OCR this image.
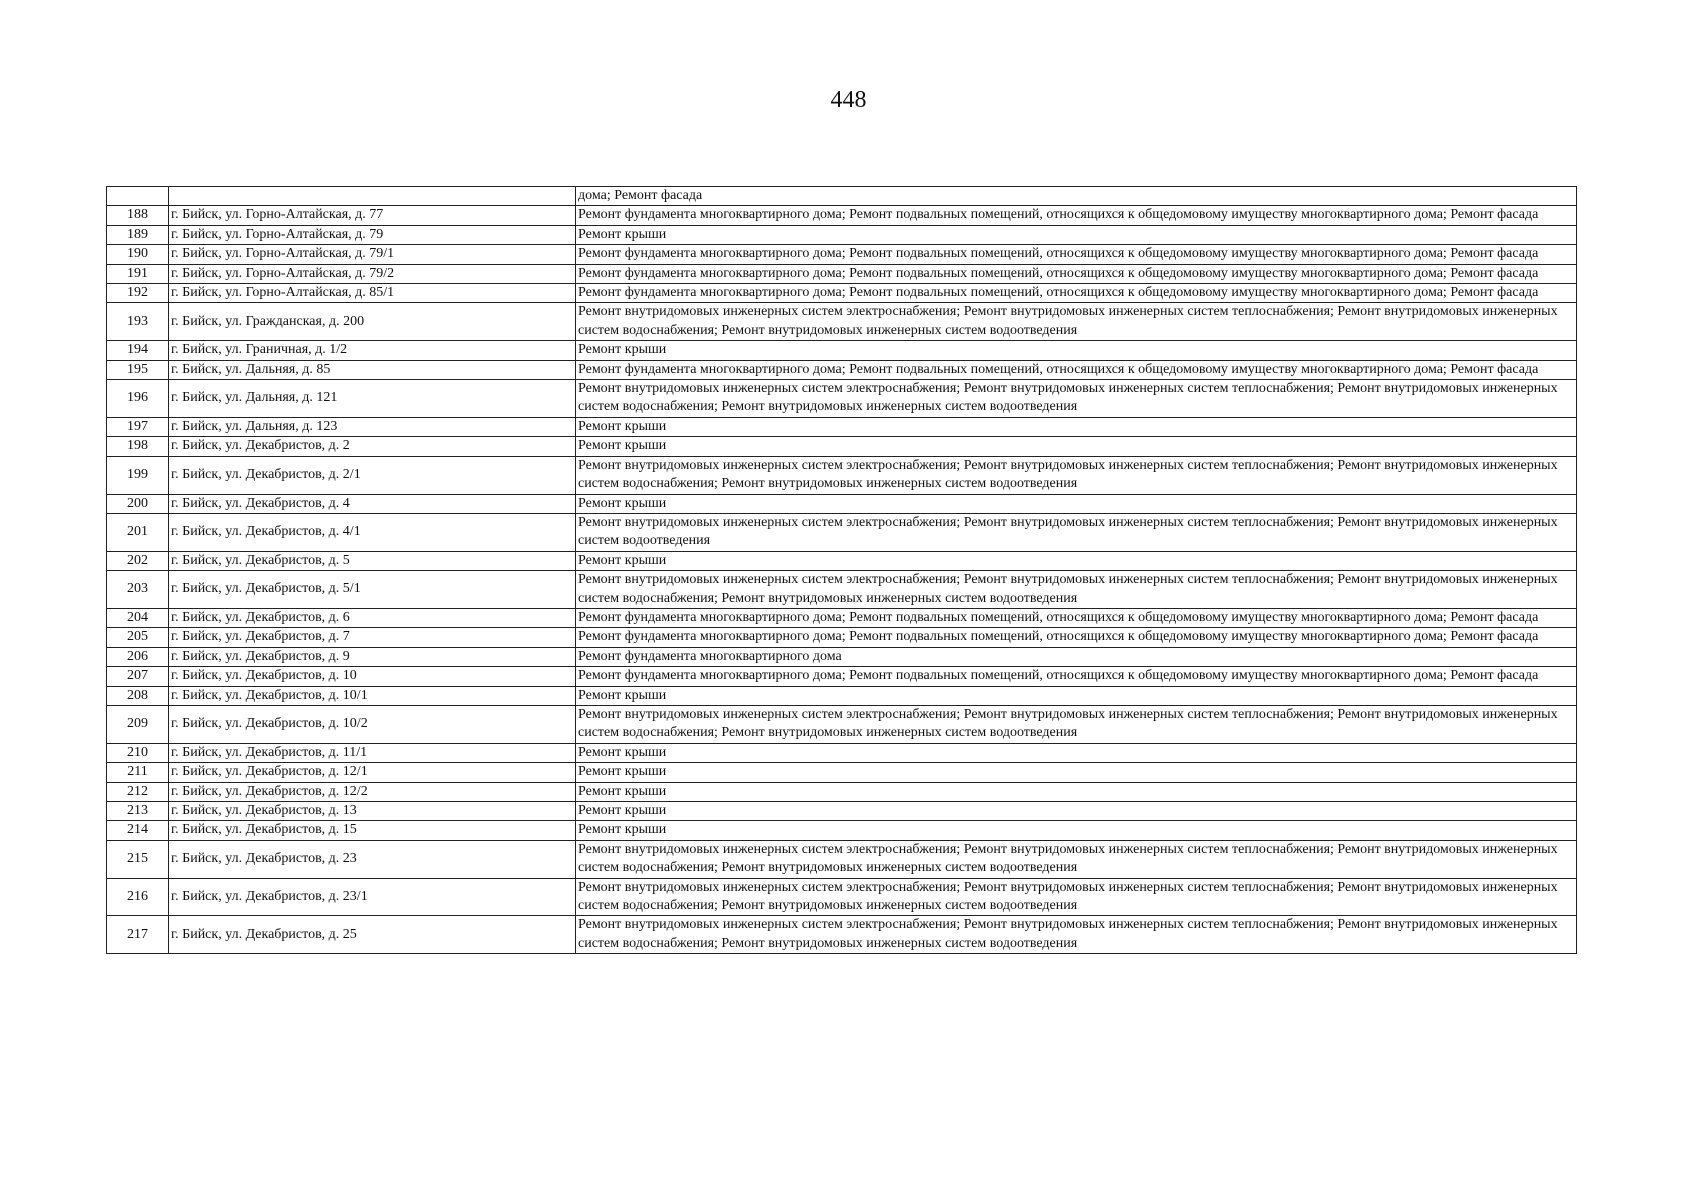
448
		дома; Ремонт фасада
188	г. Бийск, ул. Горно-Алтайская, д. 77	Ремонт фундамента многоквартирного дома; Ремонт подвальных помещений, относящихся к общедомовому имуществу многоквартирного дома; Ремонт фасада
189	г. Бийск, ул. Горно-Алтайская, д. 79	Ремонт крыши
190	г. Бийск, ул. Горно-Алтайская, д. 79/1	Ремонт фундамента многоквартирного дома; Ремонт подвальных помещений, относящихся к общедомовому имуществу многоквартирного дома; Ремонт фасада
191	г. Бийск, ул. Горно-Алтайская, д. 79/2	Ремонт фундамента многоквартирного дома; Ремонт подвальных помещений, относящихся к общедомовому имуществу многоквартирного дома; Ремонт фасада
192	г. Бийск, ул. Горно-Алтайская, д. 85/1	Ремонт фундамента многоквартирного дома; Ремонт подвальных помещений, относящихся к общедомовому имуществу многоквартирного дома; Ремонт фасада
193	г. Бийск, ул. Гражданская, д. 200	Ремонт внутридомовых инженерных систем электроснабжения; Ремонт внутридомовых инженерных систем теплоснабжения; Ремонт внутридомовых инженерных систем водоснабжения; Ремонт внутридомовых инженерных систем водоотведения
194	г. Бийск, ул. Граничная, д. 1/2	Ремонт крыши
195	г. Бийск, ул. Дальняя, д. 85	Ремонт фундамента многоквартирного дома; Ремонт подвальных помещений, относящихся к общедомовому имуществу многоквартирного дома; Ремонт фасада
196	г. Бийск, ул. Дальняя, д. 121	Ремонт внутридомовых инженерных систем электроснабжения; Ремонт внутридомовых инженерных систем теплоснабжения; Ремонт внутридомовых инженерных систем водоснабжения; Ремонт внутридомовых инженерных систем водоотведения
197	г. Бийск, ул. Дальняя, д. 123	Ремонт крыши
198	г. Бийск, ул. Декабристов, д. 2	Ремонт крыши
199	г. Бийск, ул. Декабристов, д. 2/1	Ремонт внутридомовых инженерных систем электроснабжения; Ремонт внутридомовых инженерных систем теплоснабжения; Ремонт внутридомовых инженерных систем водоснабжения; Ремонт внутридомовых инженерных систем водоотведения
200	г. Бийск, ул. Декабристов, д. 4	Ремонт крыши
201	г. Бийск, ул. Декабристов, д. 4/1	Ремонт внутридомовых инженерных систем электроснабжения; Ремонт внутридомовых инженерных систем теплоснабжения; Ремонт внутридомовых инженерных систем водоотведения
202	г. Бийск, ул. Декабристов, д. 5	Ремонт крыши
203	г. Бийск, ул. Декабристов, д. 5/1	Ремонт внутридомовых инженерных систем электроснабжения; Ремонт внутридомовых инженерных систем теплоснабжения; Ремонт внутридомовых инженерных систем водоснабжения; Ремонт внутридомовых инженерных систем водоотведения
204	г. Бийск, ул. Декабристов, д. 6	Ремонт фундамента многоквартирного дома; Ремонт подвальных помещений, относящихся к общедомовому имуществу многоквартирного дома; Ремонт фасада
205	г. Бийск, ул. Декабристов, д. 7	Ремонт фундамента многоквартирного дома; Ремонт подвальных помещений, относящихся к общедомовому имуществу многоквартирного дома; Ремонт фасада
206	г. Бийск, ул. Декабристов, д. 9	Ремонт фундамента многоквартирного дома
207	г. Бийск, ул. Декабристов, д. 10	Ремонт фундамента многоквартирного дома; Ремонт подвальных помещений, относящихся к общедомовому имуществу многоквартирного дома; Ремонт фасада
208	г. Бийск, ул. Декабристов, д. 10/1	Ремонт крыши
209	г. Бийск, ул. Декабристов, д. 10/2	Ремонт внутридомовых инженерных систем электроснабжения; Ремонт внутридомовых инженерных систем теплоснабжения; Ремонт внутридомовых инженерных систем водоснабжения; Ремонт внутридомовых инженерных систем водоотведения
210	г. Бийск, ул. Декабристов, д. 11/1	Ремонт крыши
211	г. Бийск, ул. Декабристов, д. 12/1	Ремонт крыши
212	г. Бийск, ул. Декабристов, д. 12/2	Ремонт крыши
213	г. Бийск, ул. Декабристов, д. 13	Ремонт крыши
214	г. Бийск, ул. Декабристов, д. 15	Ремонт крыши
215	г. Бийск, ул. Декабристов, д. 23	Ремонт внутридомовых инженерных систем электроснабжения; Ремонт внутридомовых инженерных систем теплоснабжения; Ремонт внутридомовых инженерных систем водоснабжения; Ремонт внутридомовых инженерных систем водоотведения
216	г. Бийск, ул. Декабристов, д. 23/1	Ремонт внутридомовых инженерных систем электроснабжения; Ремонт внутридомовых инженерных систем теплоснабжения; Ремонт внутридомовых инженерных систем водоснабжения; Ремонт внутридомовых инженерных систем водоотведения
217	г. Бийск, ул. Декабристов, д. 25	Ремонт внутридомовых инженерных систем электроснабжения; Ремонт внутридомовых инженерных систем теплоснабжения; Ремонт внутридомовых инженерных систем водоснабжения; Ремонт внутридомовых инженерных систем водоотведения
